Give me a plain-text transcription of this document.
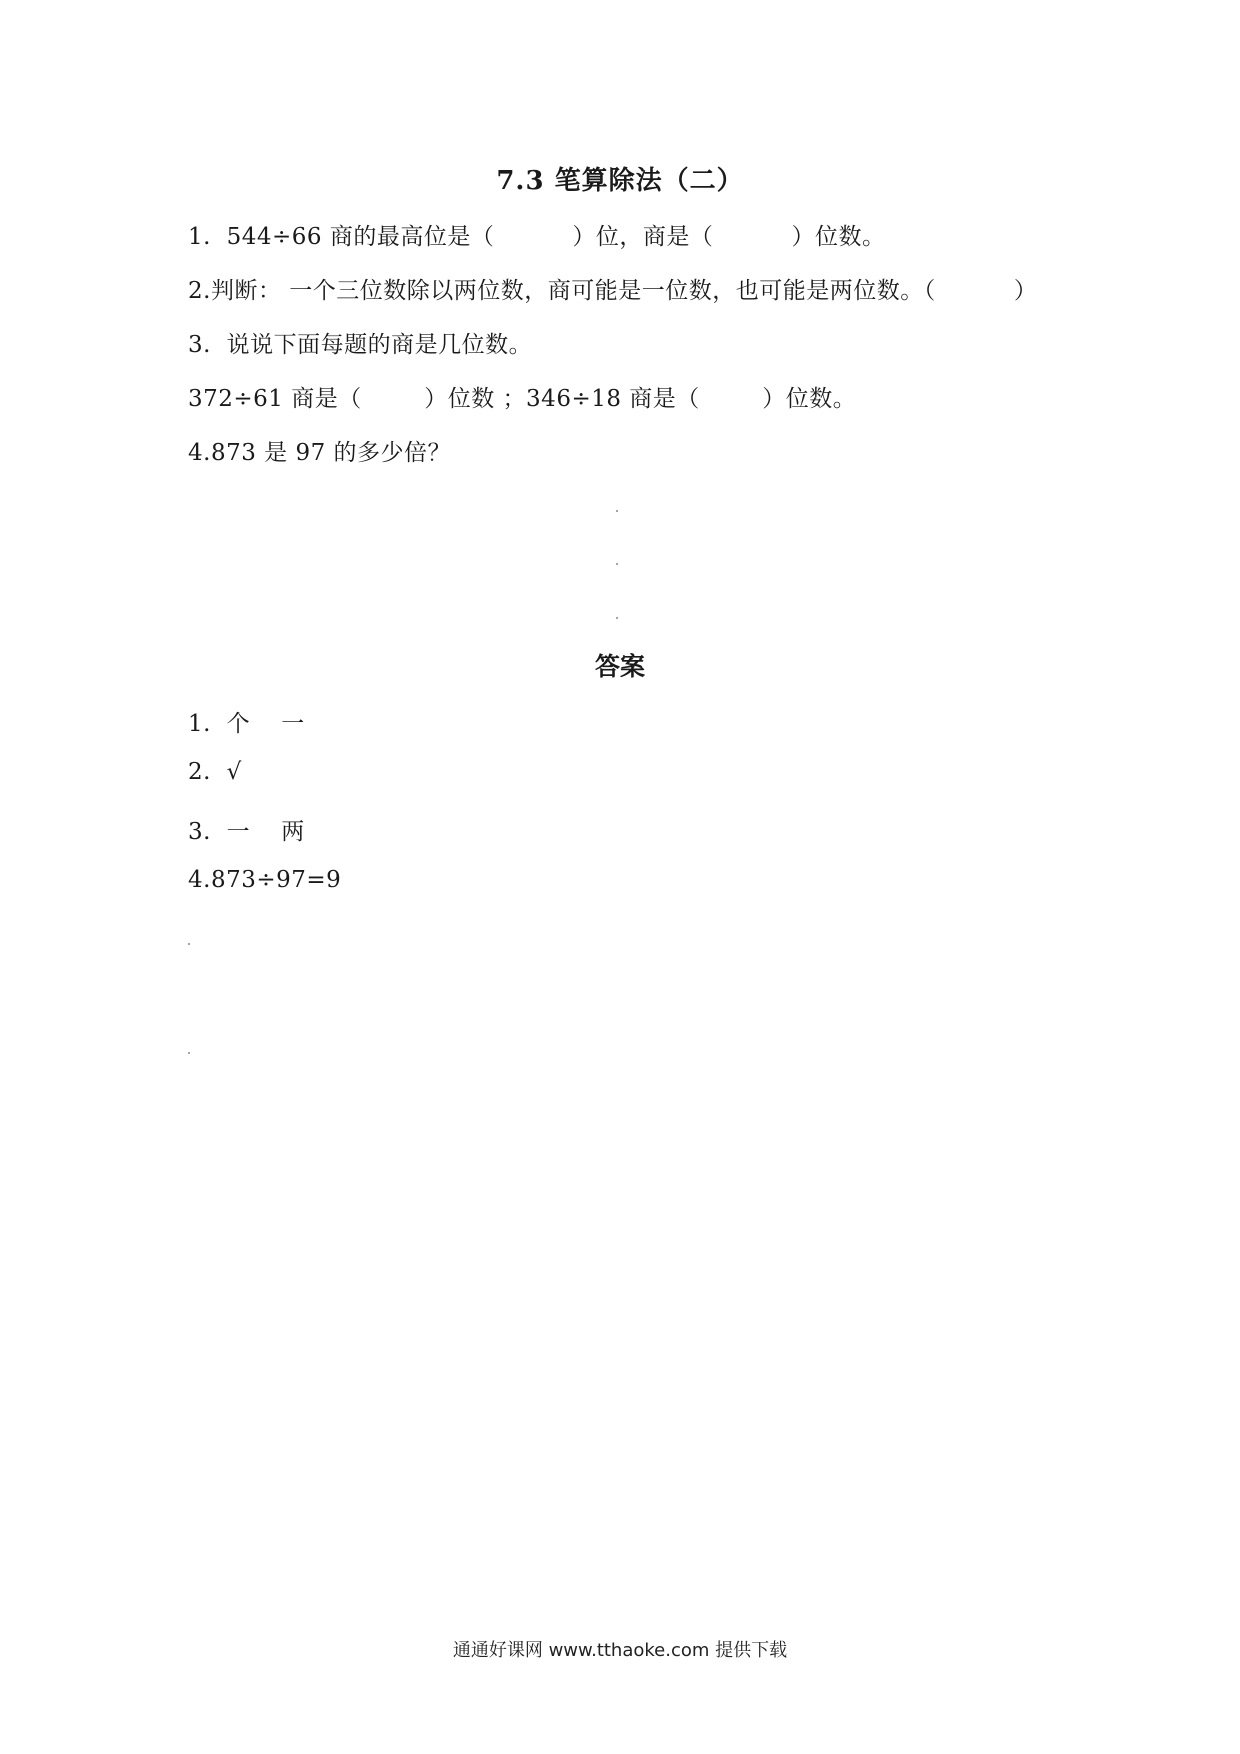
7.3 笔算除法（二）
1.  544÷66 商的最高位是（          ）位，商是（          ）位数。
2.判断： 一个三位数除以两位数，商可能是一位数，也可能是两位数。（          ）
3.  说说下面每题的商是几位数。
372÷61 商是（        ）位数 ；346÷18 商是（        ）位数。
4.873 是 97 的多少倍？
答案
1.  个    一
2.  √
3.  一    两
4.873÷97=9
通通好课网 www.tthaoke.com 提供下载
